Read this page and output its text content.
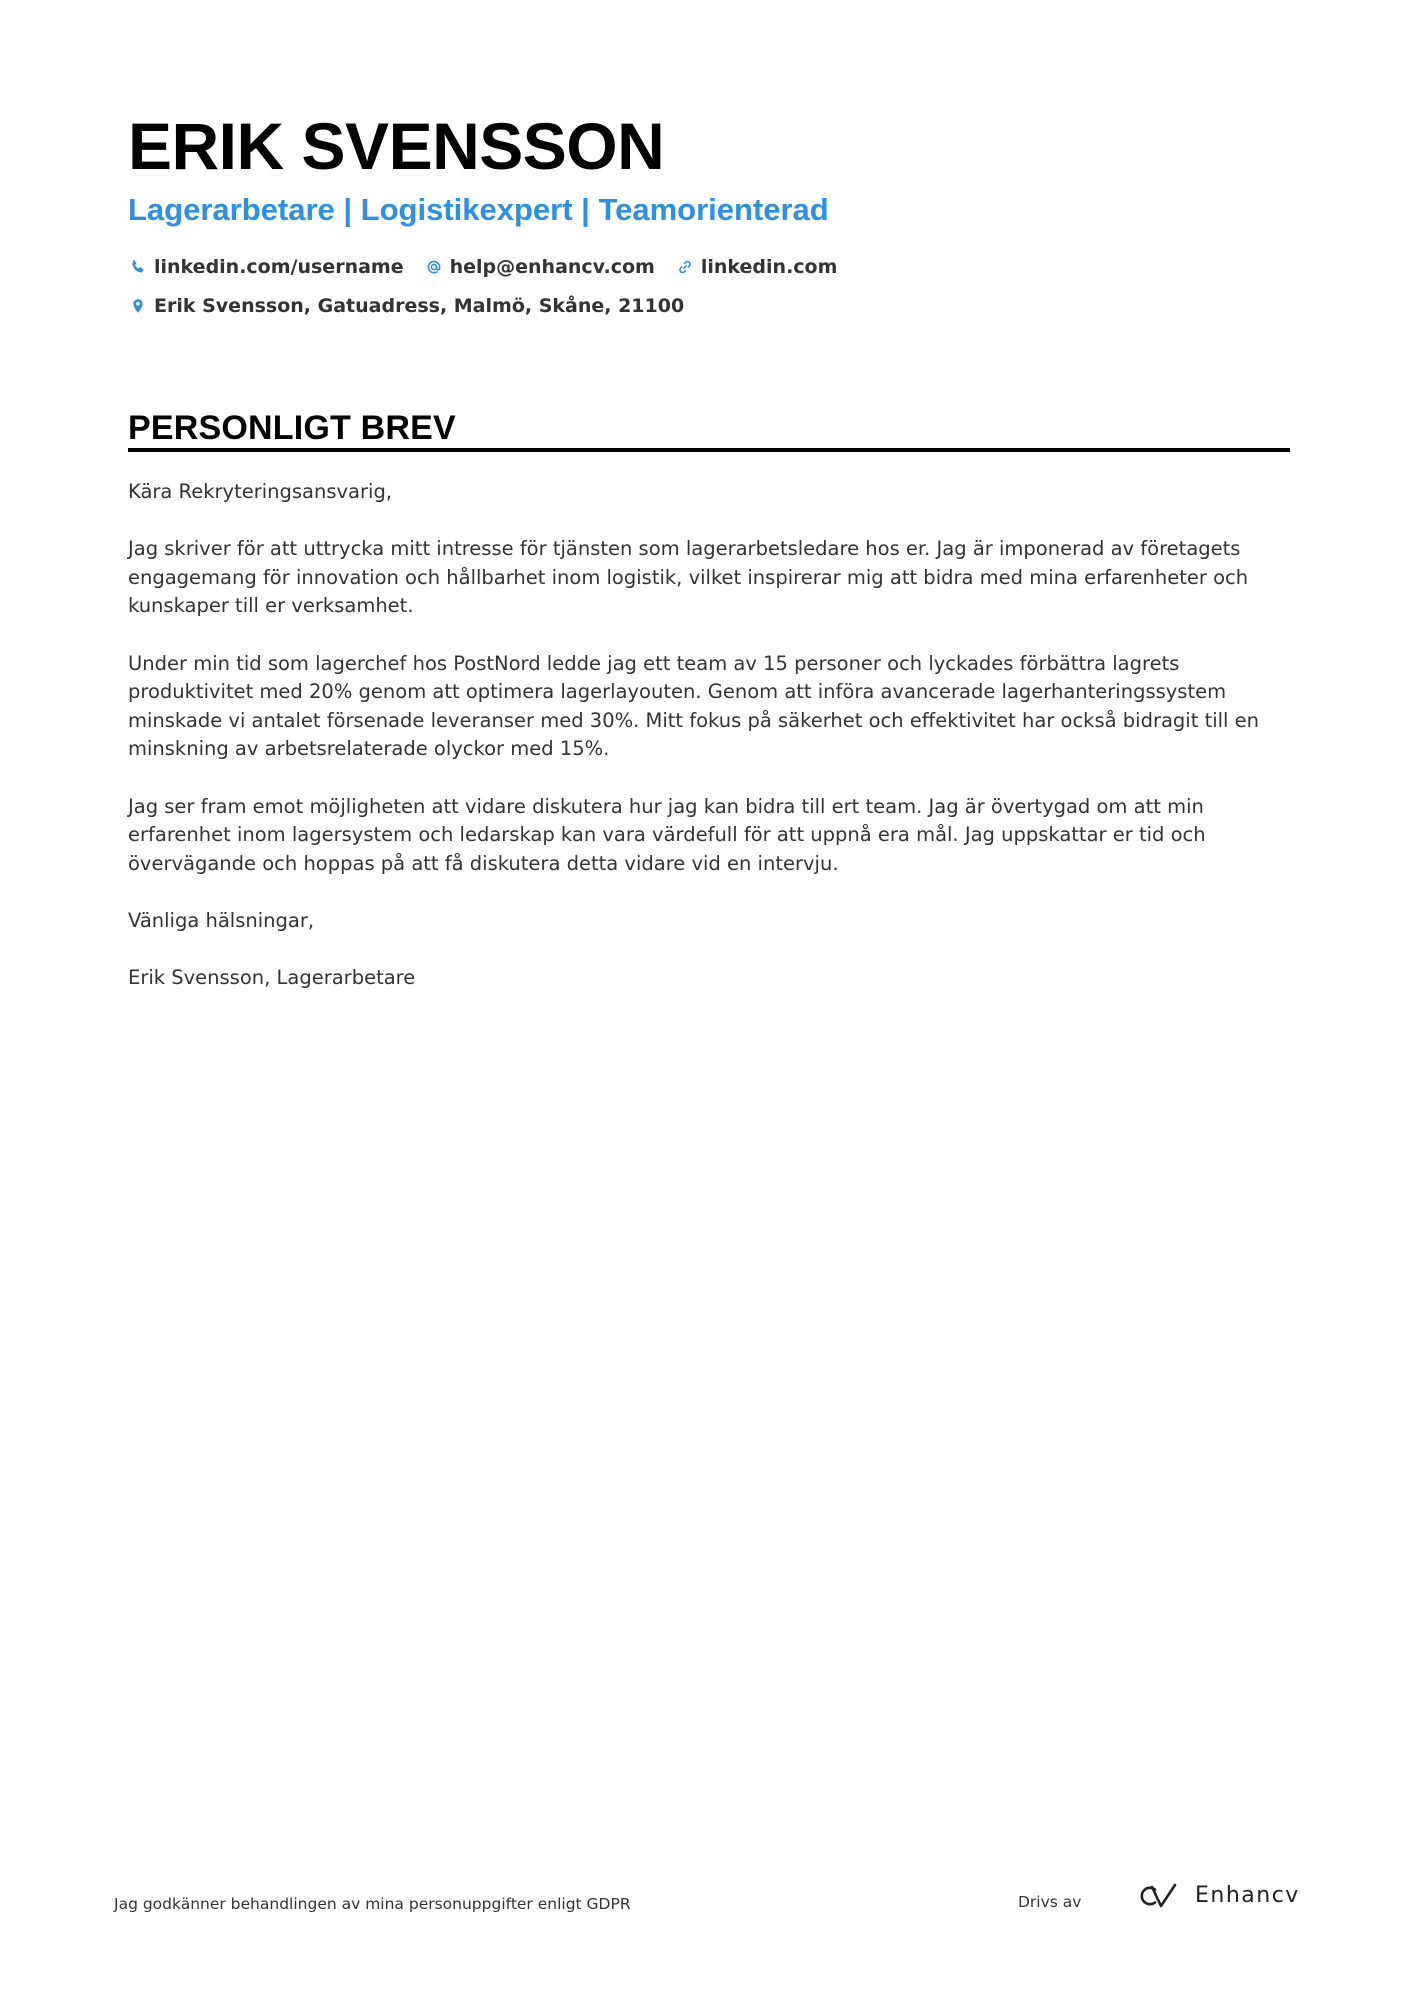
ERIK SVENSSON
Lagerarbetare | Logistikexpert | Teamorienterad
linkedin.com/username help@enhancv.com linkedin.com
Erik Svensson, Gatuadress, Malmö, Skåne, 21100
PERSONLIGT BREV

Kära Rekryteringsansvarig,

Jag skriver för att uttrycka mitt intresse för tjänsten som lagerarbetsledare hos er. Jag är imponerad av företagets engagemang för innovation och hållbarhet inom logistik, vilket inspirerar mig att bidra med mina erfarenheter och kunskaper till er verksamhet.

Under min tid som lagerchef hos PostNord ledde jag ett team av 15 personer och lyckades förbättra lagrets produktivitet med 20% genom att optimera lagerlayouten. Genom att införa avancerade lagerhanteringssystem minskade vi antalet försenade leveranser med 30%. Mitt fokus på säkerhet och effektivitet har också bidragit till en minskning av arbetsrelaterade olyckor med 15%.

Jag ser fram emot möjligheten att vidare diskutera hur jag kan bidra till ert team. Jag är övertygad om att min erfarenhet inom lagersystem och ledarskap kan vara värdefull för att uppnå era mål. Jag uppskattar er tid och övervägande och hoppas på att få diskutera detta vidare vid en intervju.

Vänliga hälsningar,

Erik Svensson, Lagerarbetare

Jag godkänner behandlingen av mina personuppgifter enligt GDPR	Drivs av	Enhancv
